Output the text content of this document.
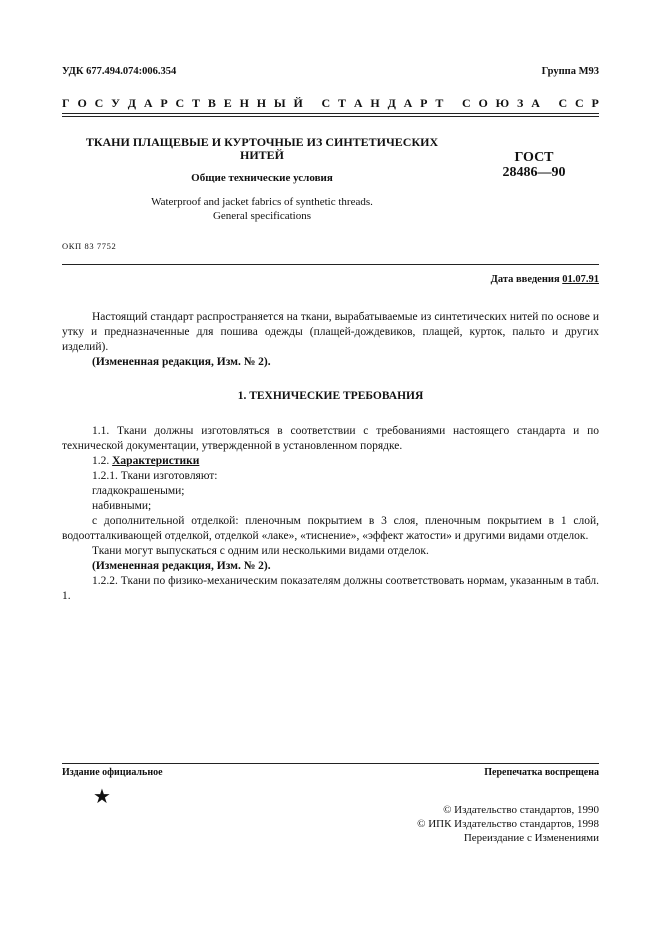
УДК 677.494.074:006.354	Группа М93
Г О С У Д А Р С Т В Е Н Н Ы Й
С Т А Н Д А Р Т
С О Ю З А
С С Р
ТКАНИ ПЛАЩЕВЫЕ И КУРТОЧНЫЕ ИЗ СИНТЕТИЧЕСКИХ
НИТЕЙ
Общие технические условия
Waterproof and jacket fabrics of synthetic threads.
General specifications
ГОСТ
28486—90
ОКП 83 7752
Дата введения 01.07.91

Настоящий стандарт распространяется на ткани, вырабатываемые из синтетических нитей по основе и утку и предназначенные для пошива одежды (плащей-дождевиков, плащей, курток, пальто и других изделий).

(Измененная редакция, Изм. № 2).

1. ТЕХНИЧЕСКИЕ ТРЕБОВАНИЯ

1.1. Ткани должны изготовляться в соответствии с требованиями настоящего стандарта и по технической документации, утвержденной в установленном порядке.

1.2. Характеристики

1.2.1. Ткани изготовляют:

гладкокрашеными;

набивными;

с дополнительной отделкой: пленочным покрытием в 3 слоя, пленочным покрытием в 1 слой, водоотталкивающей отделкой, отделкой «лаке», «тиснение», «эффект жатости» и другими видами отделок.

Ткани могут выпускаться с одним или несколькими видами отделок.

(Измененная редакция, Изм. № 2).

1.2.2. Ткани по физико-механическим показателям должны соответствовать нормам, указанным в табл. 1.

Издание официальное	Перепечатка воспрещена
★
© Издательство стандартов, 1990
© ИПК Издательство стандартов, 1998
Переиздание с Изменениями
